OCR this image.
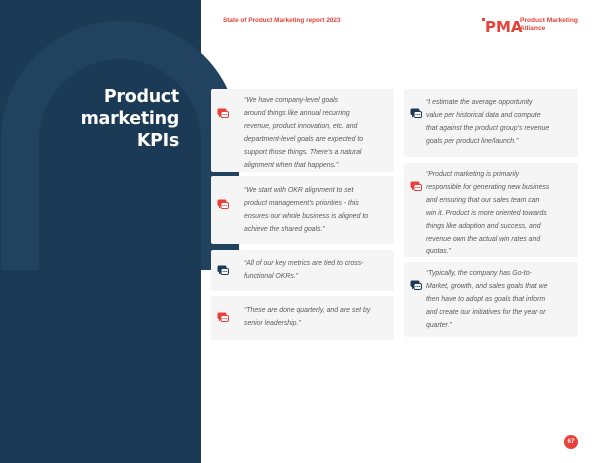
Product
marketing
KPIs
State of Product Marketing report 2023	PMA
Product Marketing Alliance
“We have company-level goals
around things like annual recurring
revenue, product innovation, etc. and
department-level goals are expected to
support those things. There’s a natural
alignment when that happens.”
“We start with OKR alignment to set
product management’s priorities - this
ensures our whole business is aligned to
achieve the shared goals.”
“All of our key metrics are tied to cross-
functional OKRs.”
“These are done quarterly, and are set by
senior leadership.”
“I estimate the average opportunity
value per historical data and compute
that against the product group’s revenue
goals per product line/launch.”
“Product marketing is primarily
responsible for generating new business
and ensuring that our sales team can
win it. Product is more oriented towards
things like adoption and success, and
revenue own the actual win rates and
quotas.”
“Typically, the company has Go-to-
Market, growth, and sales goals that we
then have to adopt as goals that inform
and create our initiatives for the year or
quarter.”
67
